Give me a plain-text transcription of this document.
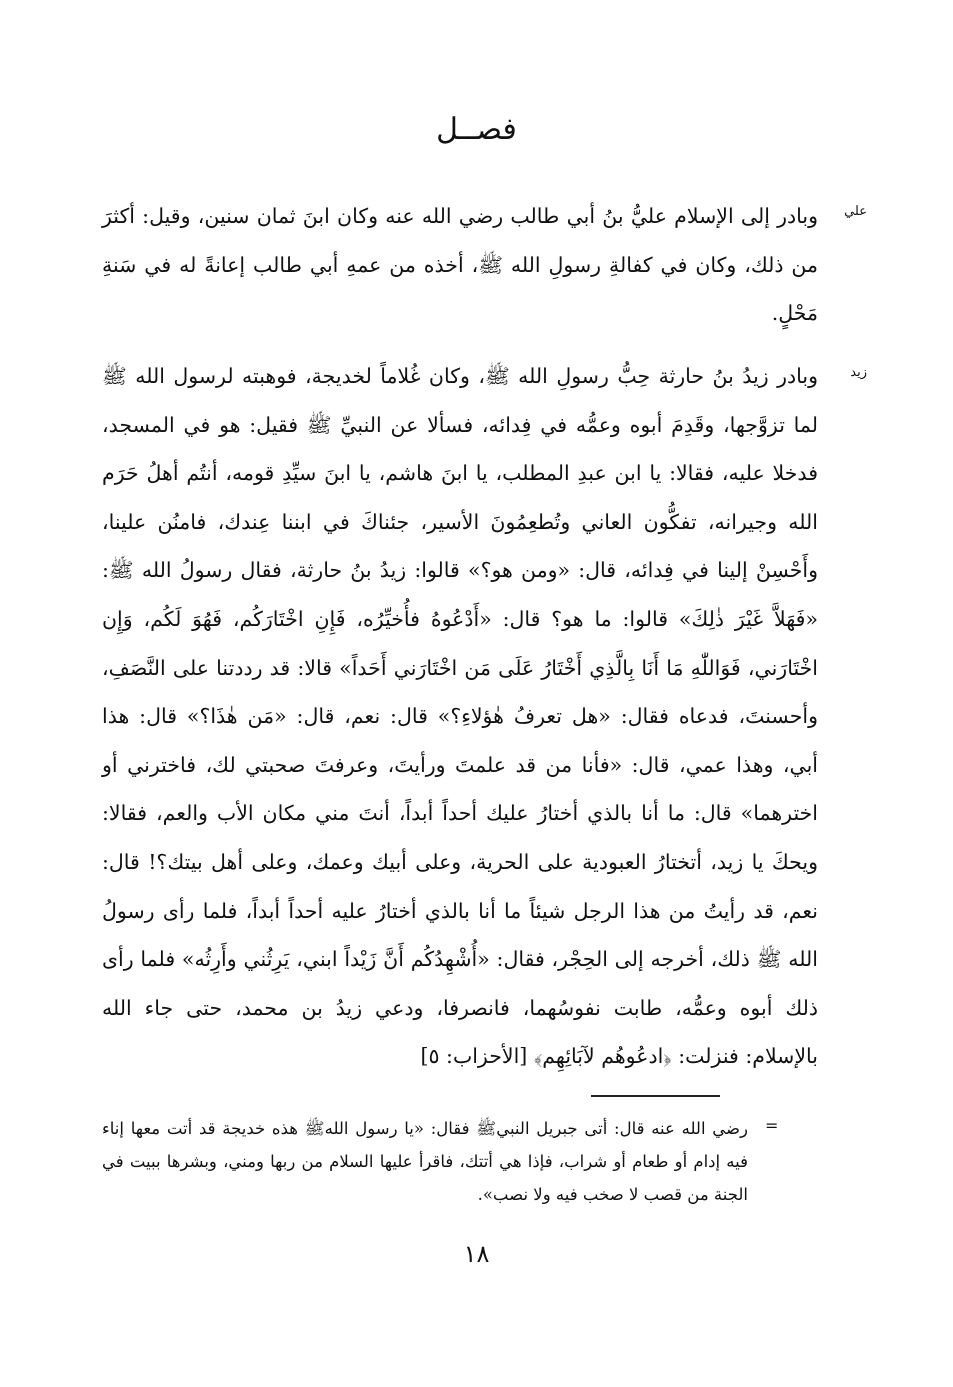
فصــل
علي
وبادر إلى الإسلام عليُّ بنُ أبي طالب رضي الله عنه وكان ابنَ ثمان سنين، وقيل: أكثرَ من ذلك، وكان في كفالةِ رسولِ الله ﷺ، أخذه من عمهِ أبي طالب إعانةً له في سَنةِ مَحْلٍ.
زيد
وبادر زيدُ بنُ حارثة حِبُّ رسولِ الله ﷺ، وكان غُلاماً لخديجة، فوهبته لرسول الله ﷺ لما تزوَّجها، وقَدِمَ أبوه وعمُّه في فِدائه، فسألا عن النبيِّ ﷺ فقيل: هو في المسجد، فدخلا عليه، فقالا: يا ابن عبدِ المطلب، يا ابنَ هاشم، يا ابنَ سيِّدِ قومه، أنتُم أهلُ حَرَم الله وجيرانه، تفكُّون العاني وتُطعِمُونَ الأسير، جئناكَ في ابننا عِندك، فامنُن علينا، وأَحْسِنْ إلينا في فِدائه، قال: «ومن هو؟» قالوا: زيدُ بنُ حارثة، فقال رسولُ الله ﷺ: «فَهَلاَّ غَيْرَ ذٰلِكَ» قالوا: ما هو؟ قال: «أَدْعُوهُ فأُخيِّرُه، فَإِنِ اخْتَارَكُم، فَهُوَ لَكُم، وَإِن اخْتَارَني، فَوَاللّٰهِ مَا أَنَا بِالَّذِي أَخْتَارُ عَلَى مَن اخْتَارَني أَحَداً» قالا: قد رددتنا على النَّصَفِ، وأحسنتَ، فدعاه فقال: «هل تعرفُ هٰؤلاءِ؟» قال: نعم، قال: «مَن هٰذَا؟» قال: هذا أبي، وهذا عمي، قال: «فأنا من قد علمتَ ورأيتَ، وعرفتَ صحبتي لك، فاخترني أو اخترهما» قال: ما أنا بالذي أختارُ عليك أحداً أبداً، أنتَ مني مكان الأب والعم، فقالا: ويحكَ يا زيد، أتختارُ العبودية على الحرية، وعلى أبيك وعمك، وعلى أهل بيتك؟! قال: نعم، قد رأيتُ من هذا الرجل شيئاً ما أنا بالذي أختارُ عليه أحداً أبداً، فلما رأى رسولُ الله ﷺ ذلك، أخرجه إلى الحِجْر، فقال: «أُشْهِدُكُم أَنَّ زَيْداً ابني، يَرِثُني وأَرِثُه» فلما رأى ذلك أبوه وعمُّه، طابت نفوسُهما، فانصرفا، ودعي زيدُ بن محمد، حتى جاء الله بالإسلام: فنزلت: ﴿ادعُوهُم لآبَائِهِم﴾ [الأحزاب: ٥]
=
رضي الله عنه قال: أتى جبريل النبيﷺ فقال: «يا رسول اللهﷺ هذه خديجة قد أتت معها إناء فيه إدام أو طعام أو شراب، فإذا هي أتتك، فاقرأ عليها السلام من ربها ومني، وبشرها ببيت في الجنة من قصب لا صخب فيه ولا نصب».
١٨
